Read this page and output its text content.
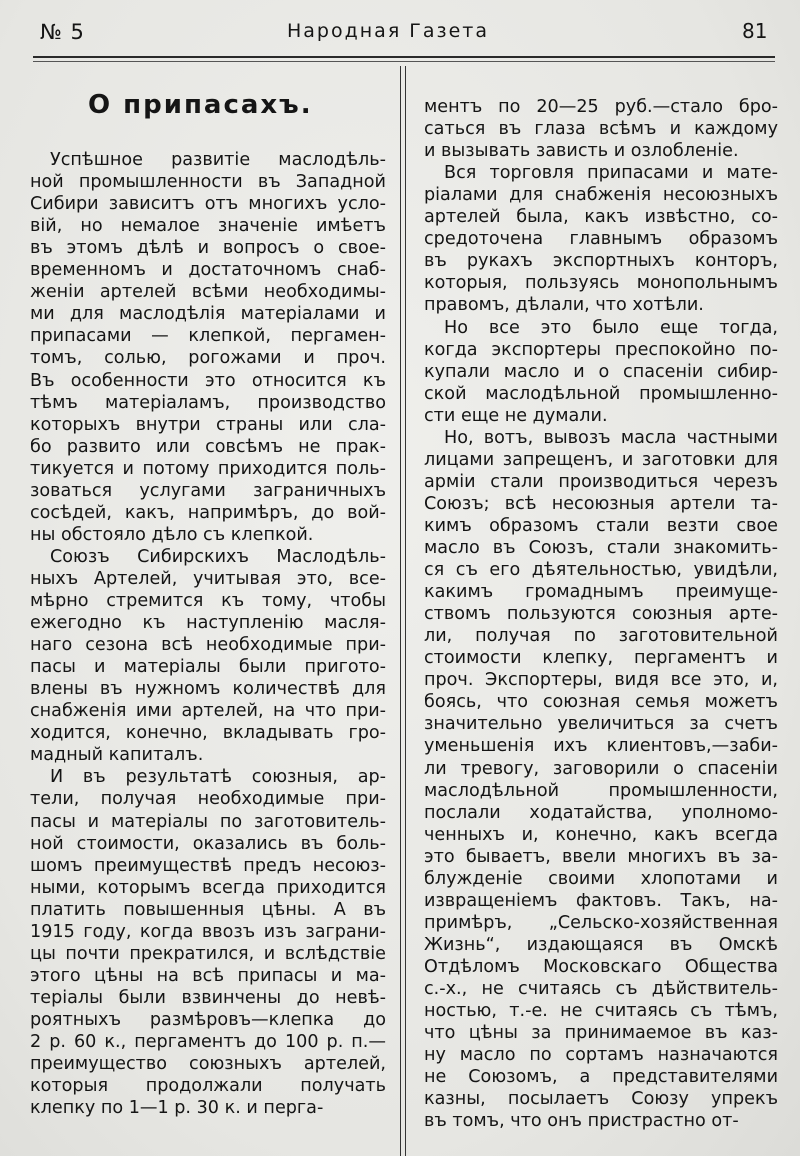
№ 5	Народная Газета	81
О припасахъ.
Успѣшное развитіе маслодѣль-
ной промышленности въ Западной
Сибири зависитъ отъ многихъ усло-
вій, но немалое значеніе имѣетъ
въ этомъ дѣлѣ и вопросъ о свое-
временномъ и достаточномъ снаб-
женіи артелей всѣми необходимы-
ми для маслодѣлія матеріалами и
припасами — клепкой, пергамен-
томъ, солью, рогожами и проч.
Въ особенности это относится къ
тѣмъ матеріаламъ, производство
которыхъ внутри страны или сла-
бо развито или совсѣмъ не прак-
тикуется и потому приходится поль-
зоваться услугами заграничныхъ
сосѣдей, какъ, напримѣръ, до вой-
ны обстояло дѣло съ клепкой.
Союзъ Сибирскихъ Маслодѣль-
ныхъ Артелей, учитывая это, все-
мѣрно стремится къ тому, чтобы
ежегодно къ наступленію масля-
наго сезона всѣ необходимые при-
пасы и матеріалы были пригото-
влены въ нужномъ количествѣ для
снабженія ими артелей, на что при-
ходится, конечно, вкладывать гро-
мадный капиталъ.
И въ результатѣ союзныя, ар-
тели, получая необходимые при-
пасы и матеріалы по заготовитель-
ной стоимости, оказались въ боль-
шомъ преимуществѣ предъ несоюз-
ными, которымъ всегда приходится
платить повышенныя цѣны. А въ
1915 году, когда ввозъ изъ заграни-
цы почти прекратился, и вслѣдствіе
этого цѣны на всѣ припасы и ма-
теріалы были взвинчены до невѣ-
роятныхъ размѣровъ—клепка до
2 р. 60 к., пергаментъ до 100 р. п.—
преимущество союзныхъ артелей,
которыя продолжали получать
клепку по 1—1 р. 30 к. и перга-
ментъ по 20—25 руб.—стало бро-
саться въ глаза всѣмъ и каждому
и вызывать зависть и озлобленіе.
Вся торговля припасами и мате-
ріалами для снабженія несоюзныхъ
артелей была, какъ извѣстно, со-
средоточена главнымъ образомъ
въ рукахъ экспортныхъ конторъ,
которыя, пользуясь монопольнымъ
правомъ, дѣлали, что хотѣли.
Но все это было еще тогда,
когда экспортеры преспокойно по-
купали масло и о спасеніи сибир-
ской маслодѣльной промышленно-
сти еще не думали.
Но, вотъ, вывозъ масла частными
лицами запрещенъ, и заготовки для
арміи стали производиться черезъ
Союзъ; всѣ несоюзныя артели та-
кимъ образомъ стали везти свое
масло въ Союзъ, стали знакомить-
ся съ его дѣятельностью, увидѣли,
какимъ громаднымъ преимуще-
ствомъ пользуются союзныя арте-
ли, получая по заготовительной
стоимости клепку, пергаментъ и
проч. Экспортеры, видя все это, и,
боясь, что союзная семья можетъ
значительно увеличиться за счетъ
уменьшенія ихъ клиентовъ,—заби-
ли тревогу, заговорили о спасеніи
маслодѣльной промышленности,
послали ходатайства, уполномо-
ченныхъ и, конечно, какъ всегда
это бываетъ, ввели многихъ въ за-
блужденіе своими хлопотами и
извращеніемъ фактовъ. Такъ, на-
примѣръ, „Сельско-хозяйственная
Жизнь“, издающаяся въ Омскѣ
Отдѣломъ Московскаго Общества
с.-х., не считаясь съ дѣйствитель-
ностью, т.-е. не считаясь съ тѣмъ,
что цѣны за принимаемое въ каз-
ну масло по сортамъ назначаются
не Союзомъ, а представителями
казны, посылаетъ Союзу упрекъ
въ томъ, что онъ пристрастно от-
